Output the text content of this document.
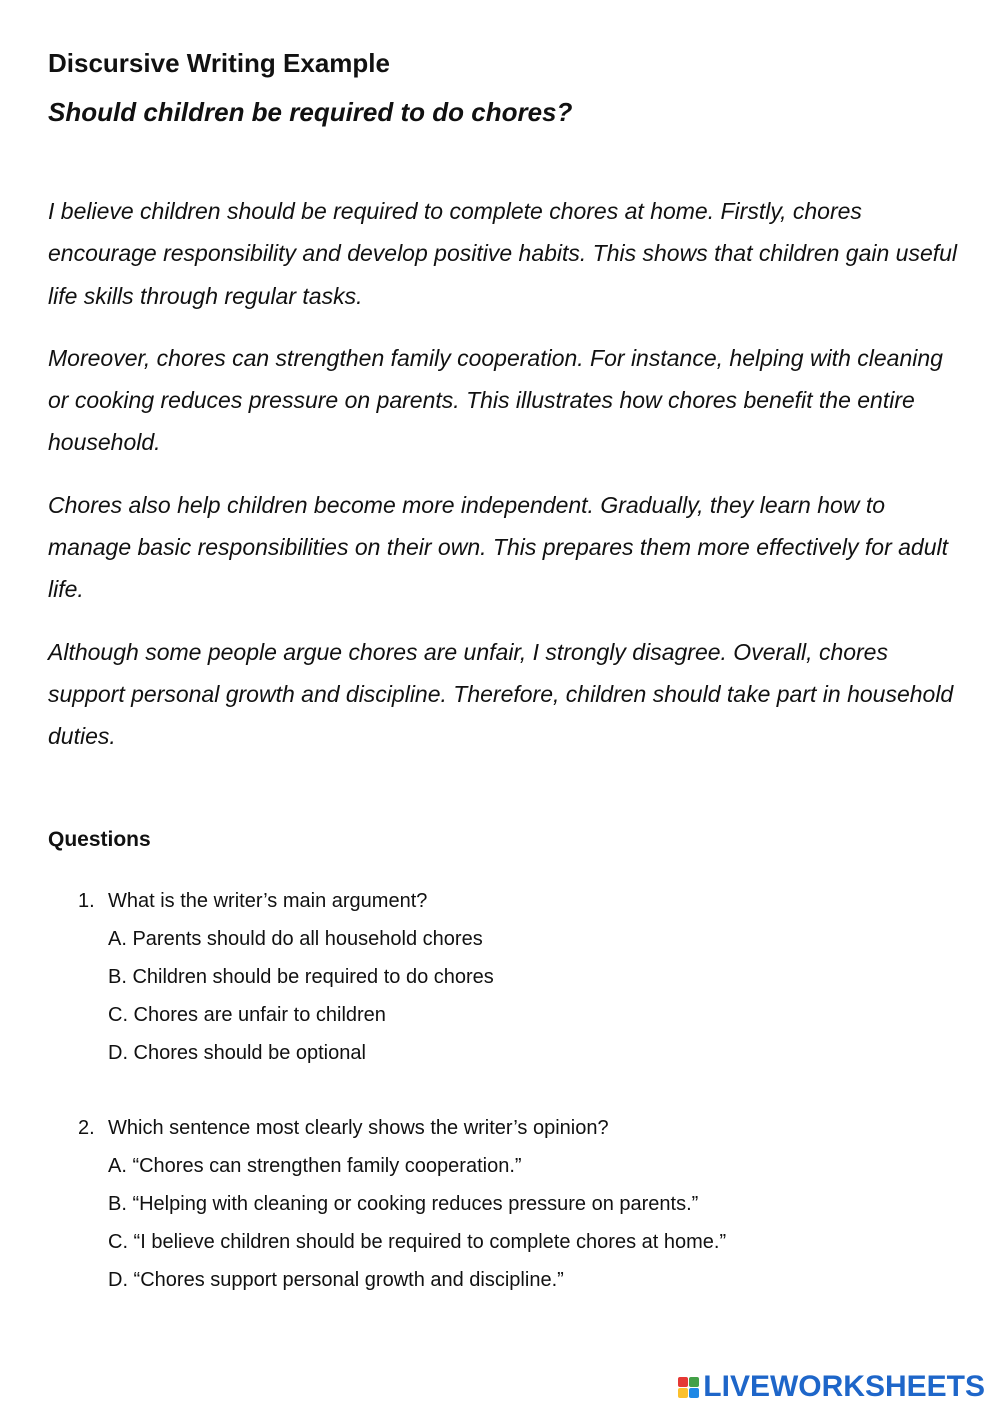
Discursive Writing Example
Should children be required to do chores?

I believe children should be required to complete chores at home. Firstly, chores encourage responsibility and develop positive habits. This shows that children gain useful life skills through regular tasks.

Moreover, chores can strengthen family cooperation. For instance, helping with cleaning or cooking reduces pressure on parents. This illustrates how chores benefit the entire household.

Chores also help children become more independent. Gradually, they learn how to manage basic responsibilities on their own. This prepares them more effectively for adult life.

Although some people argue chores are unfair, I strongly disagree. Overall, chores support personal growth and discipline. Therefore, children should take part in household duties.

Questions
1. What is the writer’s main argument?
A. Parents should do all household chores
B. Children should be required to do chores
C. Chores are unfair to children
D. Chores should be optional
2. Which sentence most clearly shows the writer’s opinion?
A. “Chores can strengthen family cooperation.”
B. “Helping with cleaning or cooking reduces pressure on parents.”
C. “I believe children should be required to complete chores at home.”
D. “Chores support personal growth and discipline.”
LIVEWORKSHEETS
